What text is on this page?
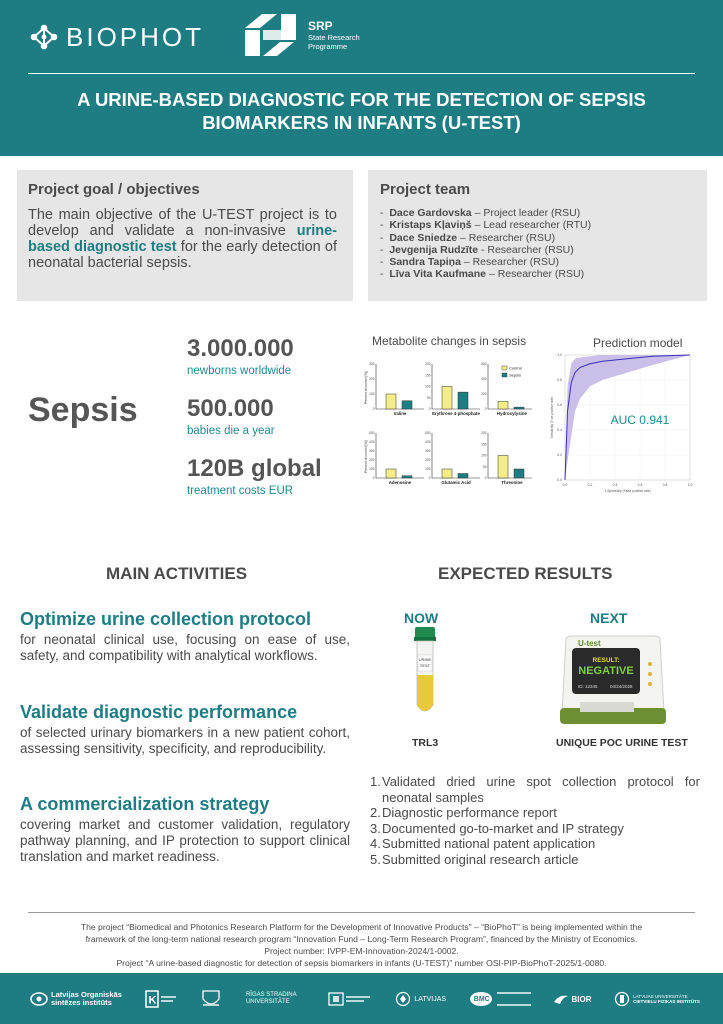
BIOPHOT	SRP
State Research
Programme
A URINE-BASED DIAGNOSTIC FOR THE DETECTION OF SEPSIS
BIOMARKERS IN INFANTS (U-TEST)
Project goal / objectives
The main objective of the U-TEST project is to develop and validate a non-invasive urine-based diagnostic test for the early detection of neonatal bacterial sepsis.
Project team
-  Dace Gardovska – Project leader (RSU)
-  Kristaps Kļaviņš – Lead researcher (RTU)
-  Dace Sniedze – Researcher (RSU)
-  Jevgenija Rudzīte - Researcher (RSU)
-  Sandra Tapiņa – Researcher (RSU)
-  Līva Vita Kaufmane – Researcher (RSU)
Sepsis
3.000.000
newborns worldwide
500.000
babies die a year
120B global
treatment costs EUR
Metabolite changes in sepsis
0
100
200
300
Valine
0
50
100
150
200
Erythrose 4-phosphate
0
200
400
600
Hydroxylysine
0
100
200
300
400
500
Adenosine
0
100
200
300
400
500
Glutamic Acid
0
50
100
150
200
Threonine
Percent of control [%]
Percent of control [%]
Control
Sepsis
Prediction model
0.0	0.2	0.4	0.6	0.8	1.0
0.0
0.2
0.4
0.6
0.8
1.0
AUC 0.941
1-Specificity (False positive rate)
Sensitivity (True positive rate)
MAIN ACTIVITIES
Optimize urine collection protocol
for neonatal clinical use, focusing on ease of use, safety, and compatibility with analytical workflows.
Validate diagnostic performance
of selected urinary biomarkers in a new patient cohort, assessing sensitivity, specificity, and reproducibility.
A commercialization strategy
covering market and customer validation, regulatory pathway planning, and IP protection to support clinical translation and market readiness.
EXPECTED RESULTS
NOW	NEXT
URINE
TEST
U-test
RESULT:
NEGATIVE
ID: 12345	04/24/2028
TRL3	UNIQUE POC URINE TEST
1. Validated dried urine spot collection protocol for neonatal samples
2. Diagnostic performance report
3. Documented go-to-market and IP strategy
4. Submitted national patent application
5. Submitted original research article
The project “Biomedical and Photonics Research Platform for the Development of Innovative Products” – “BioPhoT” is being implemented within the
framework of the long-term national research program “Innovation Fund – Long-Term Research Program”, financed by the Ministry of Economics.
Project number: IVPP-EM-Innovation-2024/1-0002.
Project “A urine-based diagnostic for detection of sepsis biomarkers in infants (U-TEST)” number OSI-PIP-BioPhoT-2025/1-0080.
Latvijas Organiskās
sintēzes institūts	K	RĪGAS STRADIŅA UNIVERSITĀTE	LATVIJAS	BMC	BIOR	LATVIJAS UNIVERSITĀTE
CIETVIELU FIZIKAS INSTITŪTS
